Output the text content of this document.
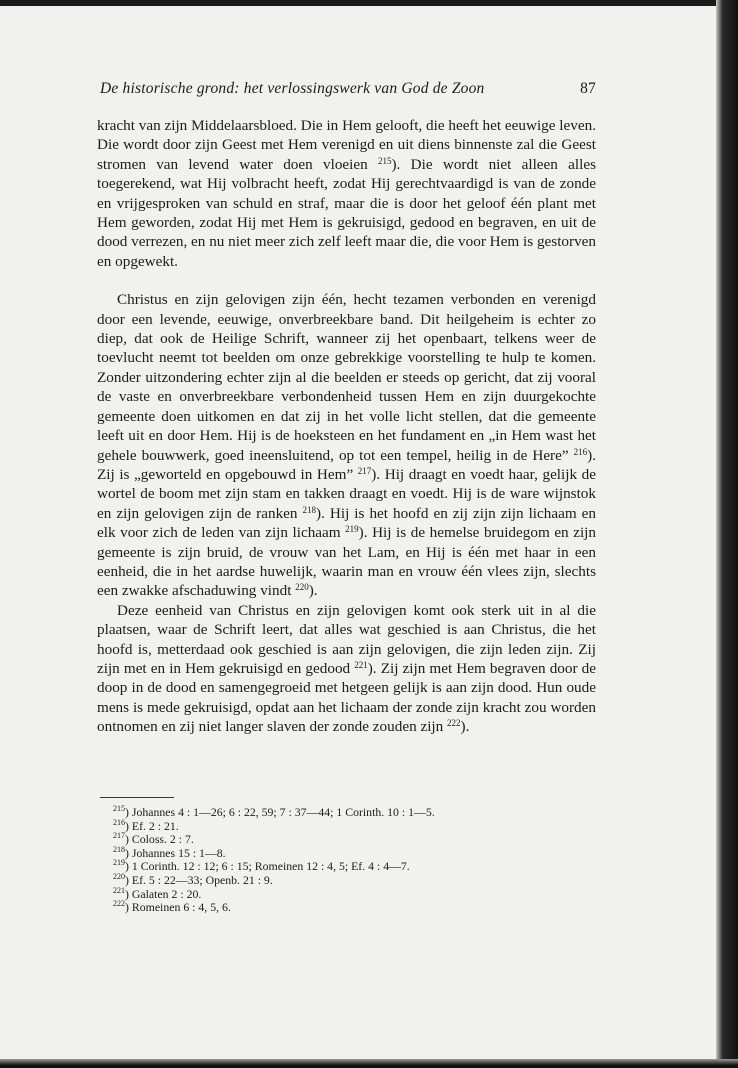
De historische grond: het verlossingswerk van God de Zoon	87

kracht van zijn Middelaarsbloed. Die in Hem gelooft, die heeft het eeuwige leven. Die wordt door zijn Geest met Hem verenigd en uit diens binnenste zal die Geest stromen van levend water doen vloeien $^{215}$). Die wordt niet alleen alles toegerekend, wat Hij volbracht heeft, zodat Hij gerechtvaardigd is van de zonde en vrijgesproken van schuld en straf, maar die is door het geloof één plant met Hem geworden, zodat Hij met Hem is gekruisigd, gedood en begraven, en uit de dood verrezen, en nu niet meer zich zelf leeft maar die, die voor Hem is gestorven en opgewekt.

Christus en zijn gelovigen zijn één, hecht tezamen verbonden en verenigd door een levende, eeuwige, onverbreekbare band. Dit heilgeheim is echter zo diep, dat ook de Heilige Schrift, wanneer zij het openbaart, telkens weer de toevlucht neemt tot beelden om onze gebrekkige voorstelling te hulp te komen. Zonder uitzondering echter zijn al die beelden er steeds op gericht, dat zij vooral de vaste en onverbreekbare verbondenheid tussen Hem en zijn duurgekochte gemeente doen uitkomen en dat zij in het volle licht stellen, dat die gemeente leeft uit en door Hem. Hij is de hoeksteen en het fundament en „in Hem wast het gehele bouwwerk, goed ineensluitend, op tot een tempel, heilig in de Here” $^{216}$). Zij is „geworteld en opgebouwd in Hem” $^{217}$). Hij draagt en voedt haar, gelijk de wortel de boom met zijn stam en takken draagt en voedt. Hij is de ware wijnstok en zijn gelovigen zijn de ranken $^{218}$). Hij is het hoofd en zij zijn zijn lichaam en elk voor zich de leden van zijn lichaam $^{219}$). Hij is de hemelse bruidegom en zijn gemeente is zijn bruid, de vrouw van het Lam, en Hij is één met haar in een eenheid, die in het aardse huwelijk, waarin man en vrouw één vlees zijn, slechts een zwakke afschaduwing vindt $^{220}$).

Deze eenheid van Christus en zijn gelovigen komt ook sterk uit in al die plaatsen, waar de Schrift leert, dat alles wat geschied is aan Christus, die het hoofd is, metterdaad ook geschied is aan zijn gelovigen, die zijn leden zijn. Zij zijn met en in Hem gekruisigd en gedood $^{221}$). Zij zijn met Hem begraven door de doop in de dood en samengegroeid met hetgeen gelijk is aan zijn dood. Hun oude mens is mede gekruisigd, opdat aan het lichaam der zonde zijn kracht zou worden ontnomen en zij niet langer slaven der zonde zouden zijn $^{222}$).

$^{215}$) Johannes 4 : 1—26; 6 : 22, 59; 7 : 37—44; 1 Corinth. 10 : 1—5.
$^{216}$) Ef. 2 : 21.
$^{217}$) Coloss. 2 : 7.
$^{218}$) Johannes 15 : 1—8.
$^{219}$) 1 Corinth. 12 : 12; 6 : 15; Romeinen 12 : 4, 5; Ef. 4 : 4—7.
$^{220}$) Ef. 5 : 22—33; Openb. 21 : 9.
$^{221}$) Galaten 2 : 20.
$^{222}$) Romeinen 6 : 4, 5, 6.
